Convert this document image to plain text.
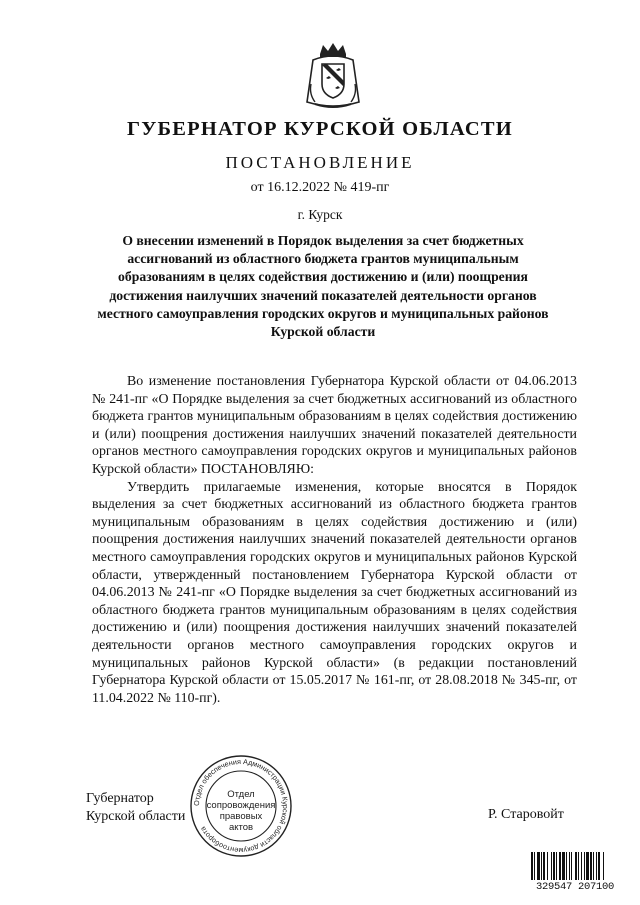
ГУБЕРНАТОР КУРСКОЙ ОБЛАСТИ
ПОСТАНОВЛЕНИЕ
от 16.12.2022 № 419-пг
г. Курск
О внесении изменений в Порядок выделения за счет бюджетных ассигнований из областного бюджета грантов муниципальным образованиям в целях содействия достижению и (или) поощрения достижения наилучших значений показателей деятельности органов местного самоуправления городских округов и муниципальных районов Курской области

Во изменение постановления Губернатора Курской области от 04.06.2013 № 241-пг «О Порядке выделения за счет бюджетных ассигнований из областного бюджета грантов муниципальным образованиям в целях содействия достижению и (или) поощрения достижения наилучших значений показателей деятельности органов местного самоуправления городских округов и муниципальных районов Курской области» ПОСТАНОВЛЯЮ:

Утвердить прилагаемые изменения, которые вносятся в Порядок выделения за счет бюджетных ассигнований из областного бюджета грантов муниципальным образованиям в целях содействия достижению и (или) поощрения достижения наилучших значений показателей деятельности органов местного самоуправления городских округов и муниципальных районов Курской области, утвержденный постановлением Губернатора Курской области от 04.06.2013 № 241-пг «О Порядке выделения за счет бюджетных ассигнований из областного бюджета грантов муниципальным образованиям в целях содействия достижению и (или) поощрения достижения наилучших значений показателей деятельности органов местного самоуправления городских округов и муниципальных районов Курской области» (в редакции постановлений Губернатора Курской области от 15.05.2017 № 161-пг, от 28.08.2018 № 345-пг, от 11.04.2022 № 110-пг).

Губернатор
Курской области
Отдел обеспечения Администрации Курской области документооборота
Отдел
сопровождения
правовых
актов
Р. Старовойт
329547 207100
